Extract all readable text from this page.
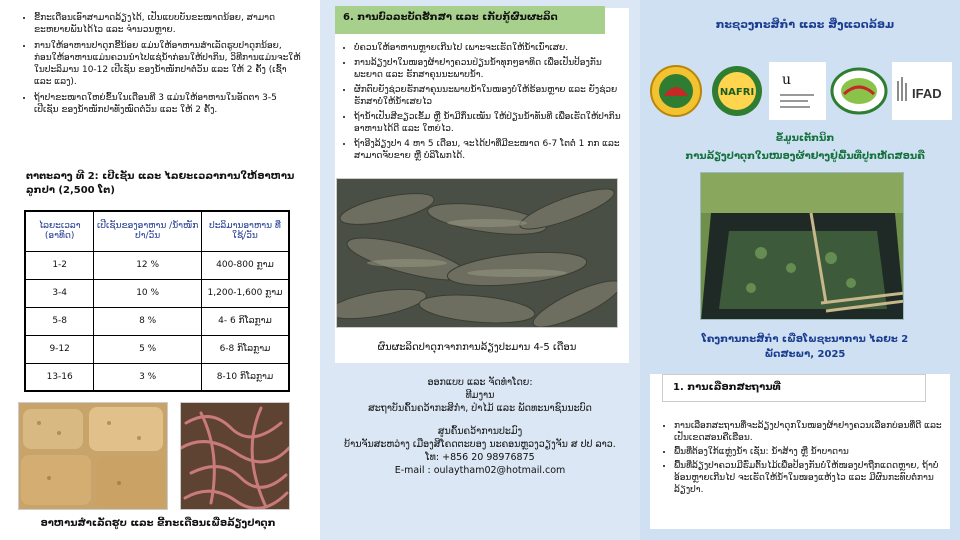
• ຂີ້ກະເດືອນເອົາສາມາດລ້ຽງໄດ້, ເປັນແບບບັນຂະໜາດນ້ອຍ, ສາມາດຂະຫຍາຍພັນໄດ້ໄວ ແລະ ຈຳນວນຫຼາຍ.
• ການໃຫ້ອາຫານປາດຸກຂີ້ນ້ອຍ ແມ່ນໃຫ້ອາຫານສຳເລັດຮູບປາດຸກນ້ອຍ, ກ່ອນໃຫ້ອາຫານແມ່ນຄວນນຳໄປແຊ່ນ້ຳກ່ອນໃຫ້ປາກິນ, ວິທີການແມ່ນຈະໃຫ້ໃນປະລິມານ 10-12 ເປີເຊັນ ຂອງນ້ຳໜັກປາຕໍ່ວັນ ແລະ ໃຫ້ 2 ຄັ້ງ (ເຊົ້າ ແລະ ແລງ).
• ຖ້າປາຂະໜາດໃຫຍ່ຂຶ້ນໃນເດືອນທີ 3 ແມ່ນໃຫ້ອາຫານໃນອັດຕາ 3-5 ເປີເຊັນ ຂອງນ້ຳໜັກປາທັງໝົດຕໍ່ວັນ ແລະ ໃຫ້ 2 ຄັ້ງ.
ຕາຕະລາງ ທີ 2: ເປີເຊັນ ແລະ ໄລຍະເວລາການໃຫ້ອາຫານ ລູກປາ (2,500 ໂຕ)
ໄລຍະເວລາ (ອາທິດ)	ເປີເຊັນຂອງອາຫານ /ນ້ຳໜັກປາ/ວັນ	ປະລິມານອາຫານ ທີ່ໃຊ້/ວັນ
1-2	12 %	400-800 ກຼາມ
3-4	10 %	1,200-1,600 ກຼາມ
5-8	8 %	4- 6 ກິໂລກຼາມ
9-12	5 %	6-8 ກິໂລກຼາມ
13-16	3 %	8-10 ກິໂລກຼາມ
ອາຫານສຳເລັດຮູບ ແລະ ຂີ້ກະເດືອນເພື່ອລ້ຽງປາດຸກ
6. ການບົວລະບັດຮັກສາ ແລະ ເກັບກູ້ຜົນຜະລິດ
• ບໍ່ຄວນໃຫ້ອາຫານຫຼາຍເກີນໄປ ເພາະຈະເຮັດໃຫ້ນ້ຳເນົ່າເສຍ.
• ການລ້ຽງປາໃນໜອງຜ້າຢາງຄວນປ່ຽນນ້ຳທຸກໆອາທິດ ເພື່ອເປັນປ້ອງກັນພະຍາດ ແລະ ຮັກສາຄຸນນະພາບນ້ຳ.
• ຜັກຕົບຍັງຊ່ວຍຮັກສາຄຸນນະພາບນ້ຳໃນໜອງບໍ່ໃຫ້ຮ້ອນຫຼາຍ ແລະ ຍັງຊ່ວຍຮັກສາບໍ່ໃຫ້ນ້ຳເສຍໄວ
• ຖ້ານ້ຳເປັນສີຂຽວເຂັ້ມ ຫຼື ນ້ຳມີກິ່ນເໝັນ ໃຫ້ປ່ຽນນ້ຳທັນທີ ເພື່ອເຮັດໃຫ້ປາກິນອາຫານໄດ້ດີ ແລະ ໃຫຍ່ໄວ.
• ຖ້າອີງລ້ຽງປາ 4 ຫາ 5 ເດືອນ, ຈະໄດ້ປາທີ່ມີຂະໜາດ 6-7 ໂຕຕໍ່ 1 ກກ ແລະ ສາມາດຈັບຂາຍ ຫຼື ບໍລິໂພກໄດ້.
ຜົນຜະລິດປາດຸກຈາກການລ້ຽງປະມານ 4-5 ເດືອນ
ອອກແບບ ແລະ ຈັດທຳໂດຍ:
ທີມງານ
ສະຖາບັນຄົ້ນຄວ້າກະສິກຳ, ປ່າໄມ້ ແລະ ພັດທະນາຊົນນະບົດ
ສູນຄົ້ນຄວ້າການປະມົງ
ບ້ານຈັນສະຫວ່າງ ເມືອງສີໂຄດຕະບອງ ນະຄອນຫຼວງວຽງຈັນ ສ ປປ ລາວ.
ໂທ: +856 20 98976875
E-mail : oulaytham02@hotmail.com
ກະຊວງກະສິກຳ ແລະ ສິ່ງແວດລ້ອມ
NAFRI
u
IFAD
ຂໍ້ມູນເຕັກນິກ
ການລ້ຽງປາດຸກໃນໜອງຜ້າຢາງຢູ່ພື້ນທີ່ປູກຫັດສອນຄື
ໂຄງການກະສິກຳ ເພື່ອໂພຊະນາການ ໄລຍະ 2
ພັດສະພາ, 2025
1. ການເລືອກສະຖານທີ່
• ການເລືອກສະຖານທີ່ຈະລ້ຽງປາດຸກໃນໜອງຜ້າຢາງຄວນເລືອກບ່ອນທີ່ດີ ແລະ ເປັນເຂດສອນຄືເຮືອນ.
• ພື້ນທີ່ຕ້ອງໃກ້ແຫຼ່ງນ້ຳ ເຊັ່ນ: ນ້ຳສ້າງ ຫຼື ນ້ຳບາດານ
• ພື້ນທີ່ລ້ຽງປາຄວນມີຮົ່ມຕົ້ນໄມ້ເພື່ອປ້ອງກັນບໍ່ໃຫ້ໜອງປາຖືກແດດຫຼາຍ, ຖ້າບໍ່ອ້ອນຫຼາຍເກີນໄປ ຈະເຮັດໃຫ້ນ້ຳໃນໜອງແຫ້ງໄວ ແລະ ມີຜົນກະທົບຕໍ່ການລ້ຽງປາ.
